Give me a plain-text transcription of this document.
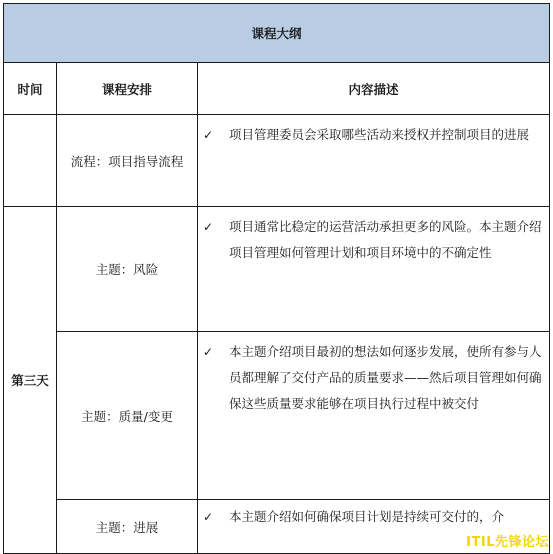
课程大纲		
时间	课程安排	内容描述
	流程：项目指导流程	✓ 项目管理委员会采取哪些活动来授权并控制项目的进展

第三天	主题：风险	✓ 项目通常比稳定的运营活动承担更多的风险。本主题介绍项目管理如何管理计划和项目环境中的不确定性

	主题：质量/变更	✓ 本主题介绍项目最初的想法如何逐步发展，使所有参与人员都理解了交付产品的质量要求——然后项目管理如何确保这些质量要求能够在项目执行过程中被交付

	主题：进展	✓ 本主题介绍如何确保项目计划是持续可交付的，介
ITIL先锋论坛
